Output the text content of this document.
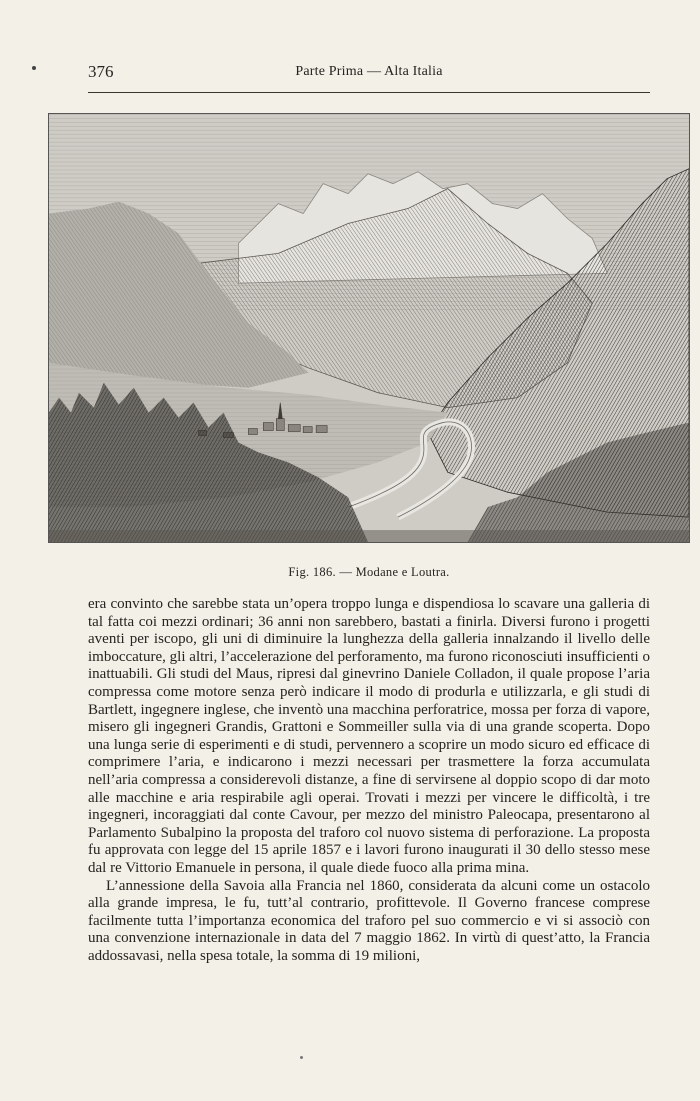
376	Parte Prima — Alta Italia
Fig. 186. — Modane e Loutra.

era convinto che sarebbe stata un’opera troppo lunga e dispendiosa lo scavare una galleria di tal fatta coi mezzi ordinari; 36 anni non sarebbero, bastati a finirla. Diversi furono i progetti aventi per iscopo, gli uni di diminuire la lunghezza della galleria innalzando il livello delle imboccature, gli altri, l’accelerazione del perforamento, ma furono riconosciuti insufficienti o inattuabili. Gli studi del Maus, ripresi dal ginevrino Daniele Colladon, il quale propose l’aria compressa come motore senza però indicare il modo di produrla e utilizzarla, e gli studi di Bartlett, ingegnere inglese, che inventò una macchina perforatrice, mossa per forza di vapore, misero gli ingegneri Grandis, Grattoni e Sommeiller sulla via di una grande scoperta. Dopo una lunga serie di esperimenti e di studi, pervennero a scoprire un modo sicuro ed efficace di comprimere l’aria, e indicarono i mezzi necessari per trasmettere la forza accumulata nell’aria compressa a considerevoli distanze, a fine di servirsene al doppio scopo di dar moto alle macchine e aria respirabile agli operai. Trovati i mezzi per vincere le difficoltà, i tre ingegneri, incoraggiati dal conte Cavour, per mezzo del ministro Paleocapa, presentarono al Parlamento Subalpino la proposta del traforo col nuovo sistema di perforazione. La proposta fu approvata con legge del 15 aprile 1857 e i lavori furono inaugurati il 30 dello stesso mese dal re Vittorio Emanuele in persona, il quale diede fuoco alla prima mina.

L’annessione della Savoia alla Francia nel 1860, considerata da alcuni come un ostacolo alla grande impresa, le fu, tutt’al contrario, profittevole. Il Governo francese comprese facilmente tutta l’importanza economica del traforo pel suo commercio e vi si associò con una convenzione internazionale in data del 7 maggio 1862. In virtù di quest’atto, la Francia addossavasi, nella spesa totale, la somma di 19 milioni,
